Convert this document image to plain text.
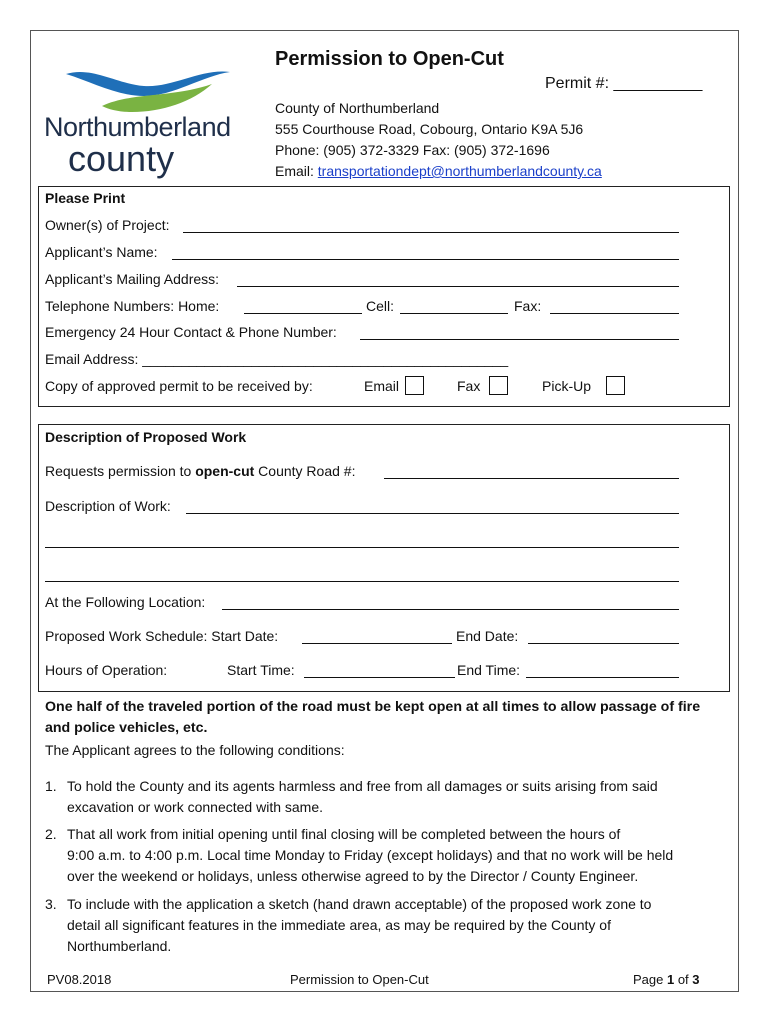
Northumberland
county
Permission to Open-Cut
Permit #: __________
County of Northumberland
555 Courthouse Road, Cobourg, Ontario K9A 5J6
Phone: (905) 372-3329 Fax: (905) 372-1696
Email: transportationdept@northumberlandcounty.ca
Please Print
Owner(s) of Project:
Applicant’s Name:
Applicant’s Mailing Address:
Telephone Numbers: Home:	Cell:	Fax:
Emergency 24 Hour Contact & Phone Number:
Email Address: _______________________________________________
Copy of approved permit to be received by:	Email	Fax	Pick-Up
Description of Proposed Work
Requests permission to open-cut County Road #:
Description of Work:
At the Following Location:
Proposed Work Schedule: Start Date:	End Date:
Hours of Operation:	Start Time:	End Time:
One half of the traveled portion of the road must be kept open at all times to allow passage of fire and police vehicles, etc.
The Applicant agrees to the following conditions:
1. To hold the County and its agents harmless and free from all damages or suits arising from said
excavation or work connected with same.
2. That all work from initial opening until final closing will be completed between the hours of
9:00 a.m. to 4:00 p.m. Local time Monday to Friday (except holidays) and that no work will be held
over the weekend or holidays, unless otherwise agreed to by the Director / County Engineer.
3. To include with the application a sketch (hand drawn acceptable) of the proposed work zone to
detail all significant features in the immediate area, as may be required by the County of
Northumberland.
PV08.2018	Permission to Open-Cut	Page 1 of 3
